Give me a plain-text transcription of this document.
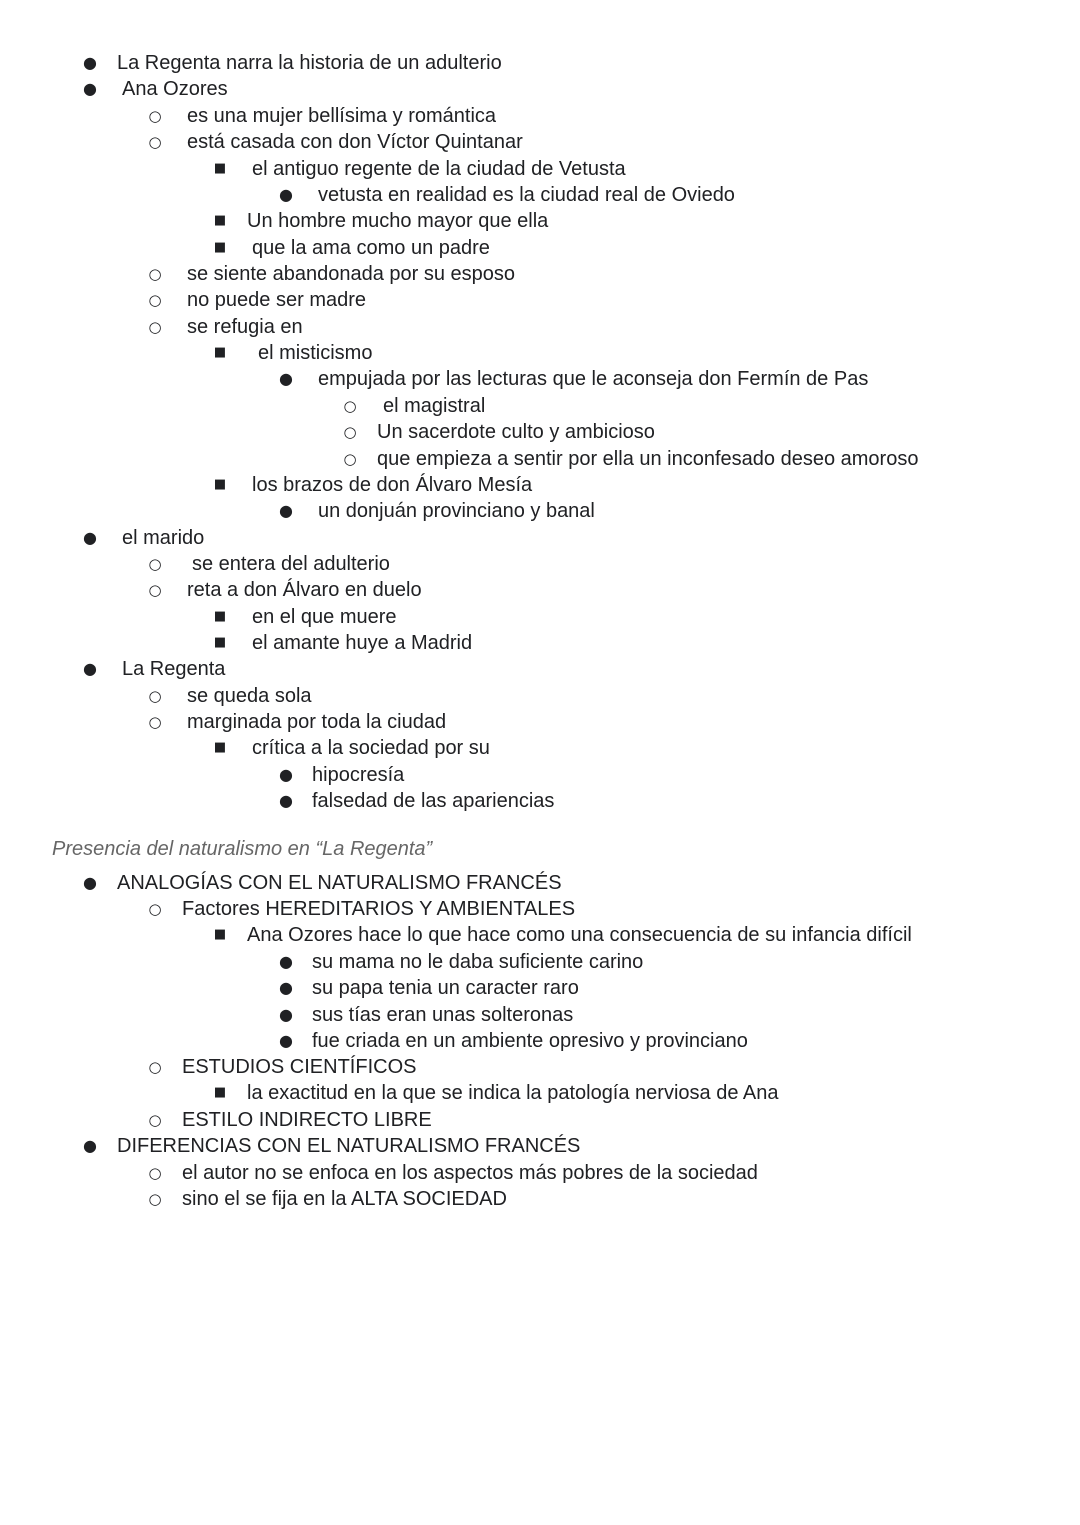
● La Regenta narra la historia de un adulterio
● Ana Ozores
○ es una mujer bellísima y romántica
○ está casada con don Víctor Quintanar
■ el antiguo regente de la ciudad de Vetusta
● vetusta en realidad es la ciudad real de Oviedo
■ Un hombre mucho mayor que ella
■ que la ama como un padre
○ se siente abandonada por su esposo
○ no puede ser madre
○ se refugia en
■ el misticismo
● empujada por las lecturas que le aconseja don Fermín de Pas
○ el magistral
○ Un sacerdote culto y ambicioso
○ que empieza a sentir por ella un inconfesado deseo amoroso
■ los brazos de don Álvaro Mesía
● un donjuán provinciano y banal
● el marido
○ se entera del adulterio
○ reta a don Álvaro en duelo
■ en el que muere
■ el amante huye a Madrid
● La Regenta
○ se queda sola
○ marginada por toda la ciudad
■ crítica a la sociedad por su
● hipocresía
● falsedad de las apariencias
Presencia del naturalismo en “La Regenta”
● ANALOGÍAS CON EL NATURALISMO FRANCÉS
○ Factores HEREDITARIOS Y AMBIENTALES
■ Ana Ozores hace lo que hace como una consecuencia de su infancia difícil
● su mama no le daba suficiente carino
● su papa tenia un caracter raro
● sus tías eran unas solteronas
● fue criada en un ambiente opresivo y provinciano
○ ESTUDIOS CIENTÍFICOS
■ la exactitud en la que se indica la patología nerviosa de Ana
○ ESTILO INDIRECTO LIBRE
● DIFERENCIAS CON EL NATURALISMO FRANCÉS
○ el autor no se enfoca en los aspectos más pobres de la sociedad
○ sino el se fija en la ALTA SOCIEDAD
